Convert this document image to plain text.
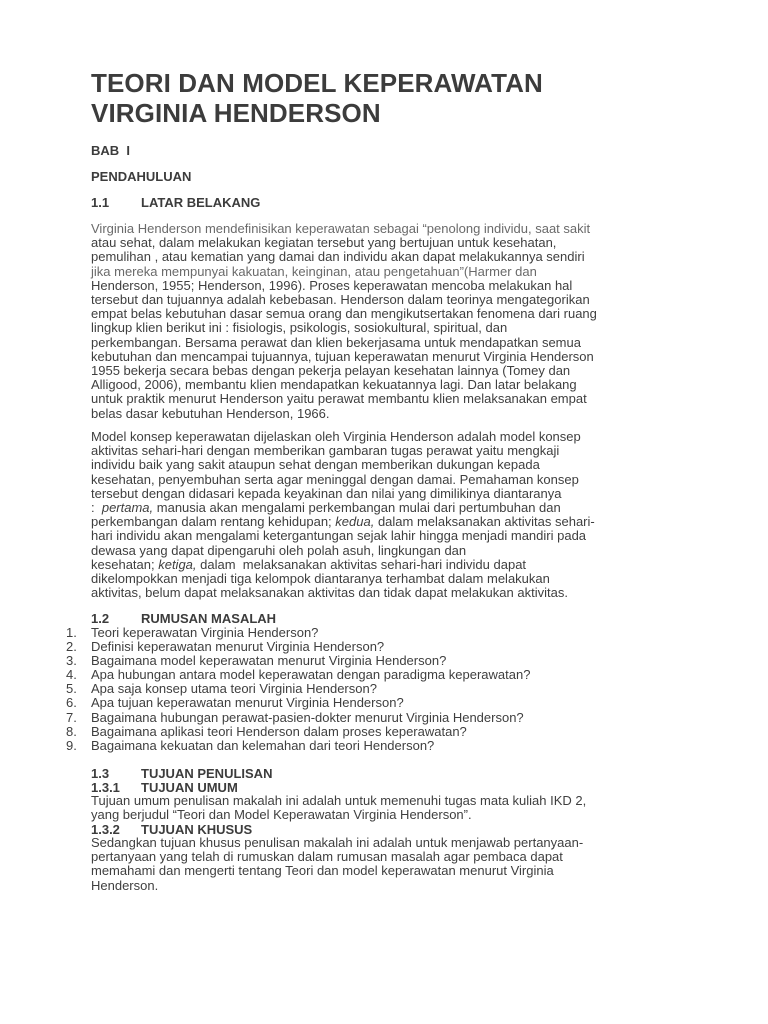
TEORI DAN MODEL KEPERAWATAN
VIRGINIA HENDERSON
BAB  I
PENDAHULUAN
1.1 LATAR BELAKANG
Virginia Henderson mendefinisikan keperawatan sebagai “penolong individu, saat sakit
atau sehat, dalam melakukan kegiatan tersebut yang bertujuan untuk kesehatan,
pemulihan , atau kematian yang damai dan individu akan dapat melakukannya sendiri
jika mereka mempunyai kakuatan, keinginan, atau pengetahuan”(Harmer dan
Henderson, 1955; Henderson, 1996). Proses keperawatan mencoba melakukan hal
tersebut dan tujuannya adalah kebebasan. Henderson dalam teorinya mengategorikan
empat belas kebutuhan dasar semua orang dan mengikutsertakan fenomena dari ruang
lingkup klien berikut ini : fisiologis, psikologis, sosiokultural, spiritual, dan
perkembangan. Bersama perawat dan klien bekerjasama untuk mendapatkan semua
kebutuhan dan mencampai tujuannya, tujuan keperawatan menurut Virginia Henderson
1955 bekerja secara bebas dengan pekerja pelayan kesehatan lainnya (Tomey dan
Alligood, 2006), membantu klien mendapatkan kekuatannya lagi. Dan latar belakang
untuk praktik menurut Henderson yaitu perawat membantu klien melaksanakan empat
belas dasar kebutuhan Henderson, 1966.
Model konsep keperawatan dijelaskan oleh Virginia Henderson adalah model konsep
aktivitas sehari-hari dengan memberikan gambaran tugas perawat yaitu mengkaji
individu baik yang sakit ataupun sehat dengan memberikan dukungan kepada
kesehatan, penyembuhan serta agar meninggal dengan damai. Pemahaman konsep
tersebut dengan didasari kepada keyakinan dan nilai yang dimilikinya diantaranya
:  pertama, manusia akan mengalami perkembangan mulai dari pertumbuhan dan
perkembangan dalam rentang kehidupan; kedua, dalam melaksanakan aktivitas sehari-
hari individu akan mengalami ketergantungan sejak lahir hingga menjadi mandiri pada
dewasa yang dapat dipengaruhi oleh polah asuh, lingkungan dan
kesehatan; ketiga, dalam  melaksanakan aktivitas sehari-hari individu dapat
dikelompokkan menjadi tiga kelompok diantaranya terhambat dalam melakukan
aktivitas, belum dapat melaksanakan aktivitas dan tidak dapat melakukan aktivitas.
1.2 RUMUSAN MASALAH
1.	Teori keperawatan Virginia Henderson?
2.	Definisi keperawatan menurut Virginia Henderson?
3.	Bagaimana model keperawatan menurut Virginia Henderson?
4.	Apa hubungan antara model keperawatan dengan paradigma keperawatan?
5.	Apa saja konsep utama teori Virginia Henderson?
6.	Apa tujuan keperawatan menurut Virginia Henderson?
7.	Bagaimana hubungan perawat-pasien-dokter menurut Virginia Henderson?
8.	Bagaimana aplikasi teori Henderson dalam proses keperawatan?
9.	Bagaimana kekuatan dan kelemahan dari teori Henderson?
1.3 TUJUAN PENULISAN
1.3.1 TUJUAN UMUM
Tujuan umum penulisan makalah ini adalah untuk memenuhi tugas mata kuliah IKD 2,
yang berjudul “Teori dan Model Keperawatan Virginia Henderson”.
1.3.2 TUJUAN KHUSUS
Sedangkan tujuan khusus penulisan makalah ini adalah untuk menjawab pertanyaan-
pertanyaan yang telah di rumuskan dalam rumusan masalah agar pembaca dapat
memahami dan mengerti tentang Teori dan model keperawatan menurut Virginia
Henderson.
